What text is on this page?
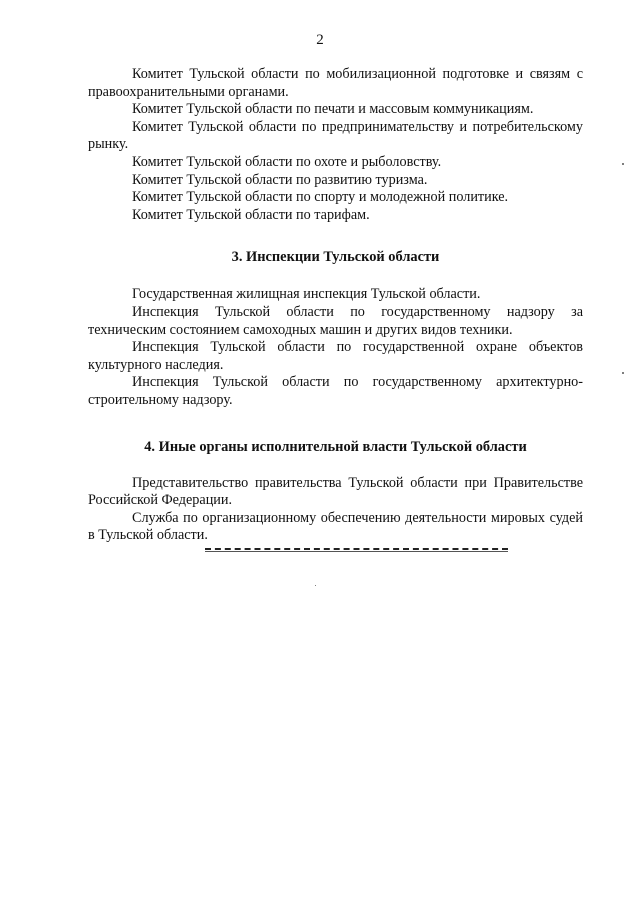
2

Комитет Тульской области по мобилизационной подготовке и связям с правоохранительными органами.

Комитет Тульской области по печати и массовым коммуникациям.

Комитет Тульской области по предпринимательству и потребительскому рынку.

Комитет Тульской области по охоте и рыболовству.

Комитет Тульской области по развитию туризма.

Комитет Тульской области по спорту и молодежной политике.

Комитет Тульской области по тарифам.

3. Инспекции Тульской области

Государственная жилищная инспекция Тульской области.

Инспекция Тульской области по государственному надзору за техническим состоянием самоходных машин и других видов техники.

Инспекция Тульской области по государственной охране объектов культурного наследия.

Инспекция Тульской области по государственному архитектурно-строительному надзору.

4. Иные органы исполнительной власти Тульской области

Представительство правительства Тульской области при Правительстве Российской Федерации.

Служба по организационному обеспечению деятельности мировых судей в Тульской области.
